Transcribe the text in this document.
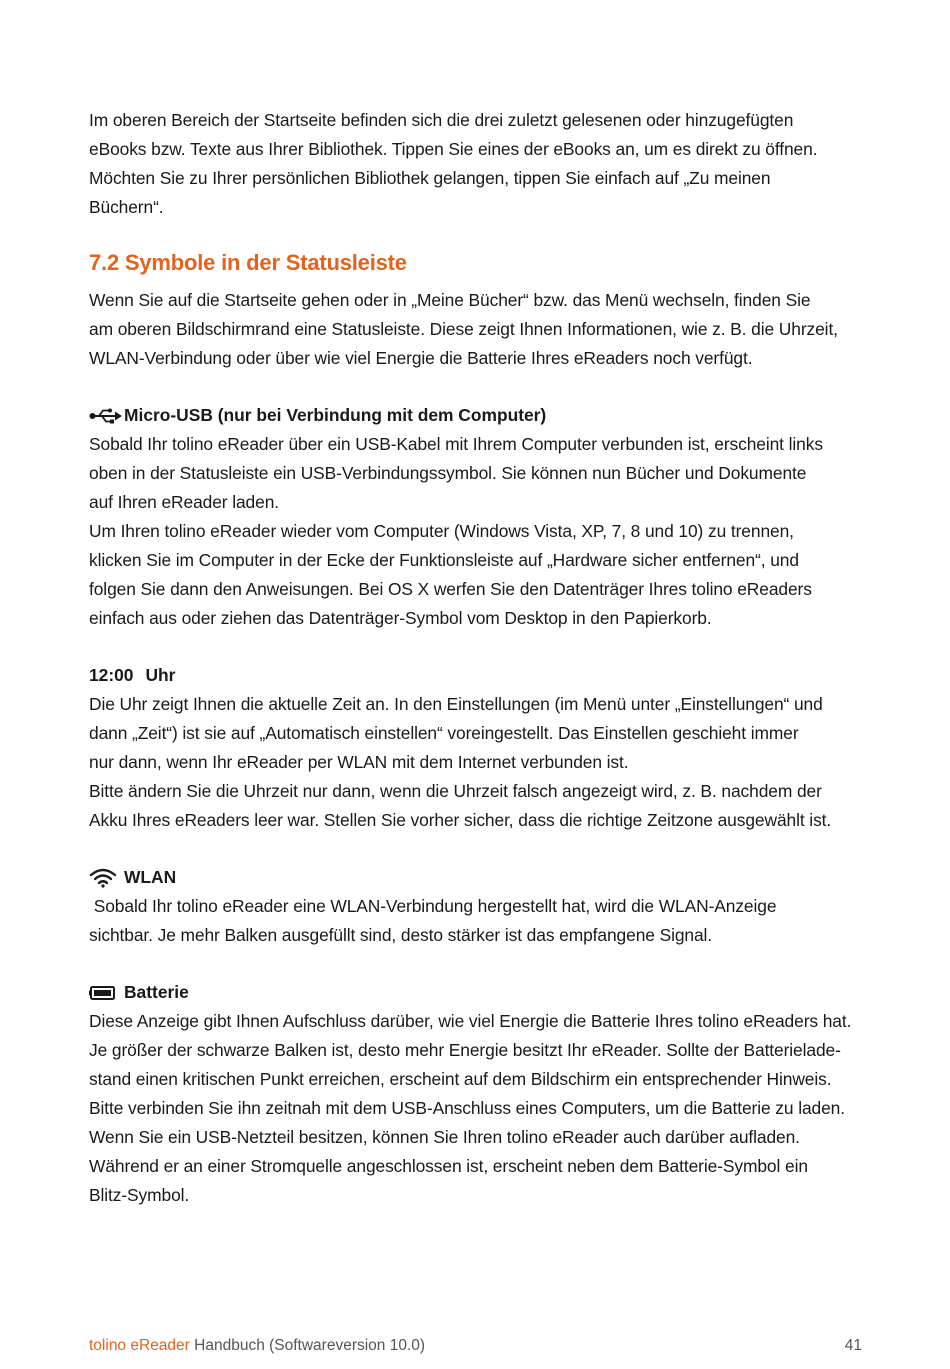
Im oberen Bereich der Startseite befinden sich die drei zuletzt gelesenen oder hinzugefügten
eBooks bzw. Texte aus Ihrer Bibliothek. Tippen Sie eines der eBooks an, um es direkt zu öffnen.
Möchten Sie zu Ihrer persönlichen Bibliothek gelangen, tippen Sie einfach auf „Zu meinen
Büchern“.

7.2 Symbole in der Statusleiste

Wenn Sie auf die Startseite gehen oder in „Meine Bücher“ bzw. das Menü wechseln, finden Sie
am oberen Bildschirmrand eine Statusleiste. Diese zeigt Ihnen Informationen, wie z. B. die Uhrzeit,
WLAN-Verbindung oder über wie viel Energie die Batterie Ihres eReaders noch verfügt.

Micro-USB (nur bei Verbindung mit dem Computer)

Sobald Ihr tolino eReader über ein USB-Kabel mit Ihrem Computer verbunden ist, erscheint links
oben in der Statusleiste ein USB-Verbindungssymbol. Sie können nun Bücher und Dokumente
auf Ihren eReader laden.
Um Ihren tolino eReader wieder vom Computer (Windows Vista, XP, 7, 8 und 10) zu trennen,
klicken Sie im Computer in der Ecke der Funktionsleiste auf „Hardware sicher entfernen“, und
folgen Sie dann den Anweisungen. Bei OS X werfen Sie den Datenträger Ihres tolino eReaders
einfach aus oder ziehen das Datenträger-Symbol vom Desktop in den Papierkorb.

12:00 Uhr

Die Uhr zeigt Ihnen die aktuelle Zeit an. In den Einstellungen (im Menü unter „Einstellungen“ und
dann „Zeit“) ist sie auf „Automatisch einstellen“ voreingestellt. Das Einstellen geschieht immer
nur dann, wenn Ihr eReader per WLAN mit dem Internet verbunden ist.
Bitte ändern Sie die Uhrzeit nur dann, wenn die Uhrzeit falsch angezeigt wird, z. B. nachdem der
Akku Ihres eReaders leer war. Stellen Sie vorher sicher, dass die richtige Zeitzone ausgewählt ist.

WLAN

Sobald Ihr tolino eReader eine WLAN-Verbindung hergestellt hat, wird die WLAN-Anzeige
sichtbar. Je mehr Balken ausgefüllt sind, desto stärker ist das empfangene Signal.

Batterie

Diese Anzeige gibt Ihnen Aufschluss darüber, wie viel Energie die Batterie Ihres tolino eReaders hat.
Je größer der schwarze Balken ist, desto mehr Energie besitzt Ihr eReader. Sollte der Batterielade-
stand einen kritischen Punkt erreichen, erscheint auf dem Bildschirm ein entsprechender Hinweis.
Bitte verbinden Sie ihn zeitnah mit dem USB-Anschluss eines Computers, um die Batterie zu laden.
Wenn Sie ein USB-Netzteil besitzen, können Sie Ihren tolino eReader auch darüber aufladen.
Während er an einer Stromquelle angeschlossen ist, erscheint neben dem Batterie-Symbol ein
Blitz-Symbol.

tolino eReader Handbuch (Softwareversion 10.0)	41
